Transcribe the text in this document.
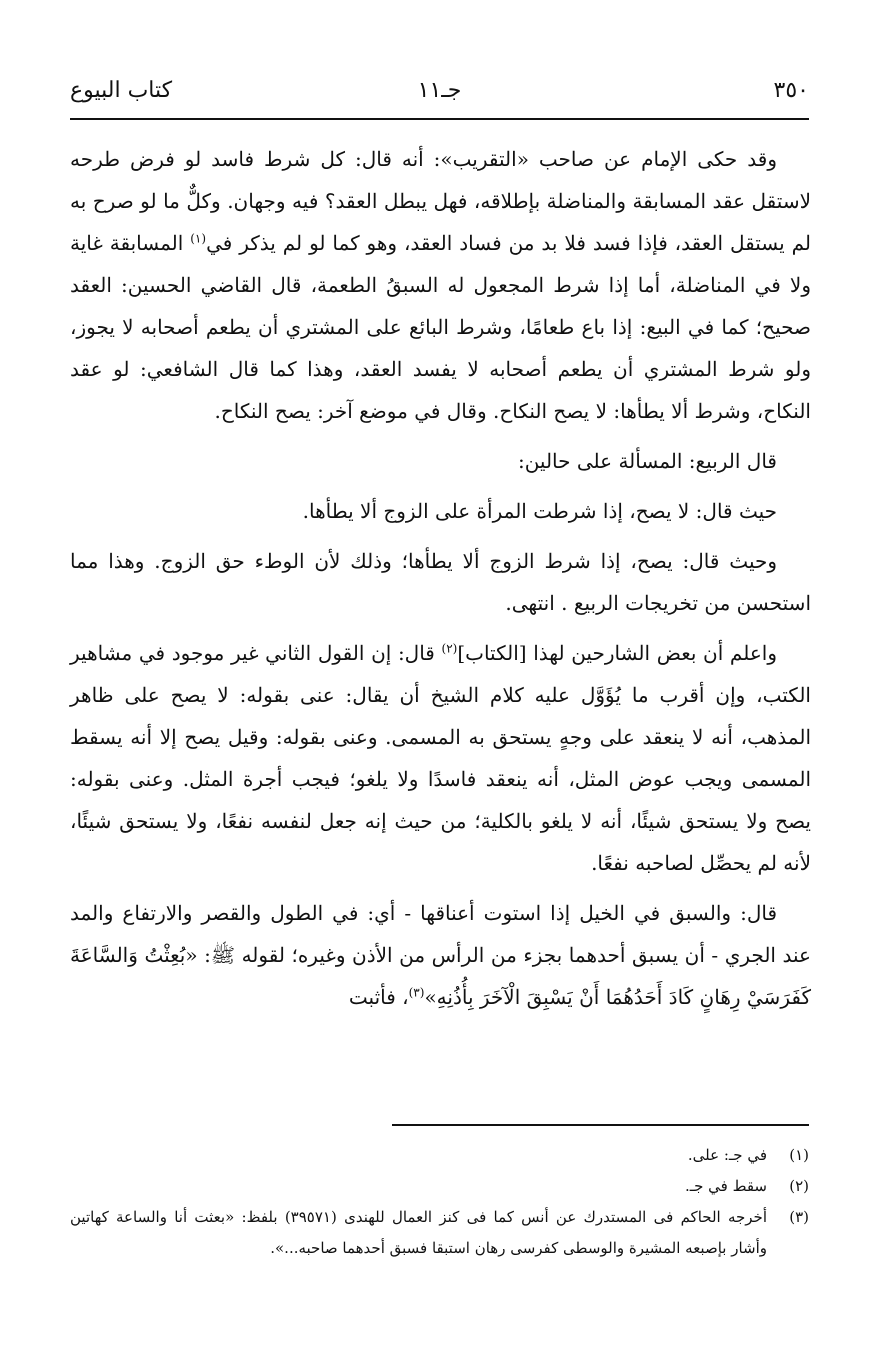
٣٥٠
جـ١١
كتاب البيوع

وقد حكى الإمام عن صاحب «التقريب»: أنه قال: كل شرط فاسد لو فرض طرحه لاستقل عقد المسابقة والمناضلة بإطلاقه، فهل يبطل العقد؟ فيه وجهان. وكلٌّ ما لو صرح به لم يستقل العقد، فإذا فسد فلا بد من فساد العقد، وهو كما لو لم يذكر في$^{(١)}$ المسابقة غاية ولا في المناضلة، أما إذا شرط المجعول له السبقُ الطعمة، قال القاضي الحسين: العقد صحيح؛ كما في البيع: إذا باع طعامًا، وشرط البائع على المشتري أن يطعم أصحابه لا يجوز، ولو شرط المشتري أن يطعم أصحابه لا يفسد العقد، وهذا كما قال الشافعي: لو عقد النكاح، وشرط ألا يطأها: لا يصح النكاح. وقال في موضع آخر: يصح النكاح.

قال الربيع: المسألة على حالين:

حيث قال: لا يصح، إذا شرطت المرأة على الزوج ألا يطأها.

وحيث قال: يصح، إذا شرط الزوج ألا يطأها؛ وذلك لأن الوطء حق الزوج. وهذا مما استحسن من تخريجات الربيع . انتهى.

واعلم أن بعض الشارحين لهذا [الكتاب]$^{(٢)}$ قال: إن القول الثاني غير موجود في مشاهير الكتب، وإن أقرب ما يُؤَوَّل عليه كلام الشيخ أن يقال: عنى بقوله: لا يصح على ظاهر المذهب، أنه لا ينعقد على وجهٍ يستحق به المسمى. وعنى بقوله: وقيل يصح إلا أنه يسقط المسمى ويجب عوض المثل، أنه ينعقد فاسدًا ولا يلغو؛ فيجب أجرة المثل. وعنى بقوله: يصح ولا يستحق شيئًا، أنه لا يلغو بالكلية؛ من حيث إنه جعل لنفسه نفعًا، ولا يستحق شيئًا، لأنه لم يحصِّل لصاحبه نفعًا.

قال: والسبق في الخيل إذا استوت أعناقها - أي: في الطول والقصر والارتفاع والمد عند الجري - أن يسبق أحدهما بجزء من الرأس من الأذن وغيره؛ لقوله ﷺ: «بُعِثْتُ وَالسَّاعَةَ كَفَرَسَيْ رِهَانٍ كَادَ أَحَدُهُمَا أَنْ يَسْبِقَ الْآخَرَ بِأُذُنِهِ»$^{(٣)}$، فأثبت

(١)
في جـ: على.
(٢)
سقط في جـ.
(٣)
أخرجه الحاكم فى المستدرك عن أنس كما فى كنز العمال للهندى (٣٩٥٧١) بلفظ: «بعثت أنا والساعة كهاتين وأشار بإصبعه المشيرة والوسطى كفرسى رهان استبقا فسبق أحدهما صاحبه...».
